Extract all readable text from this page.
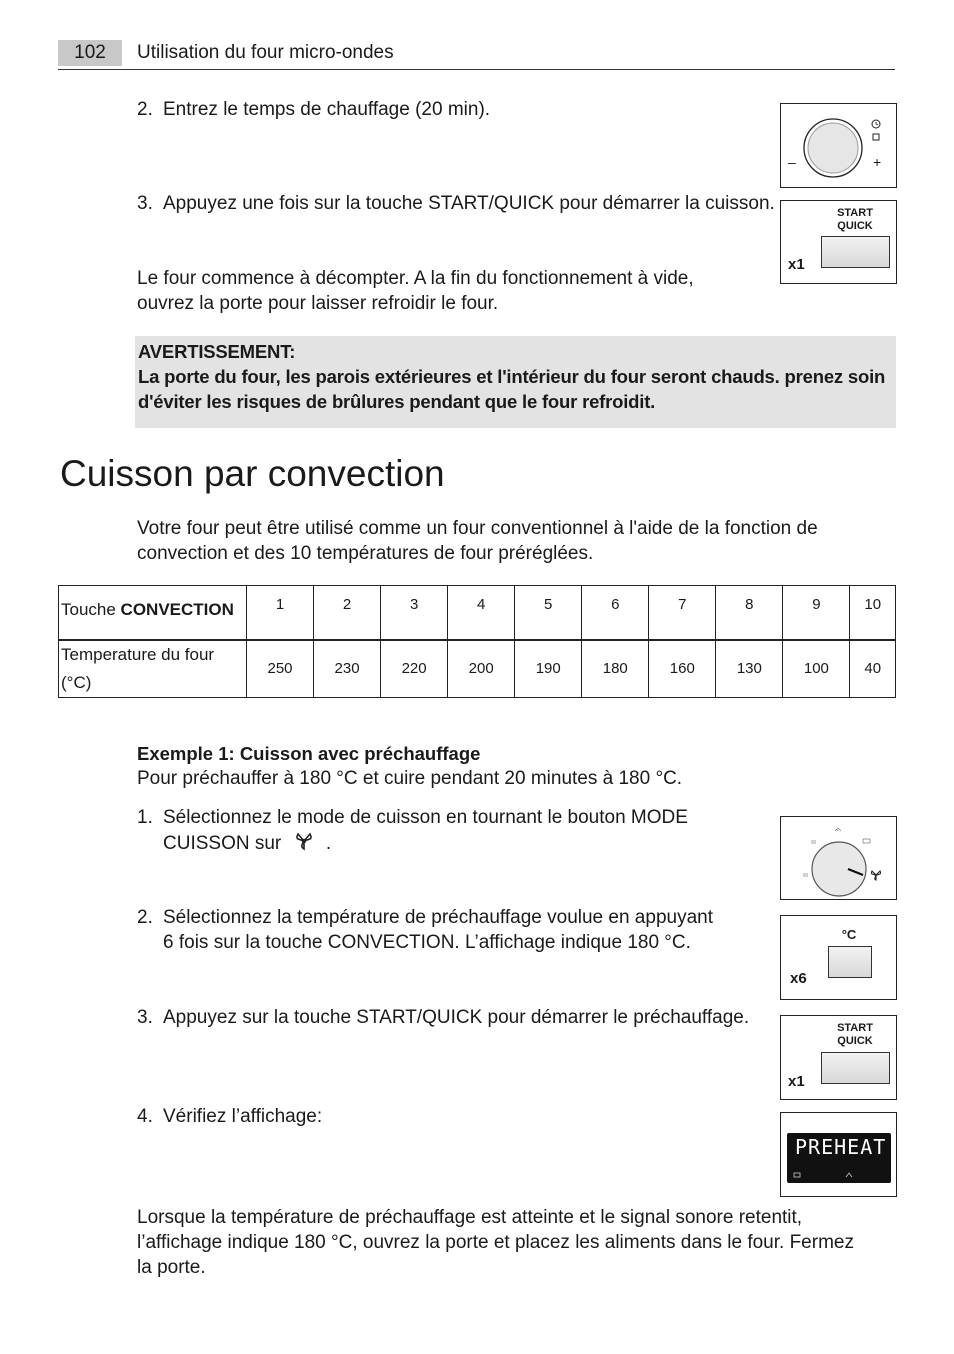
102	Utilisation du four micro-ondes
2. Entrez le temps de chauffage (20 min).
3. Appuyez une fois sur la touche START/QUICK pour démarrer la cuisson.
Le four commence à décompter. A la fin du fonctionnement à vide,
ouvrez la porte pour laisser refroidir le four.
AVERTISSEMENT:
La porte du four, les parois extérieures et l'intérieur du four seront chauds. prenez soin
d'éviter les risques de brûlures pendant que le four refroidit.
Cuisson par convection
Votre four peut être utilisé comme un four conventionnel à l'aide de la fonction de
convection et des 10 températures de four préréglées.
Touche CONVECTION	1	2	3	4	5	6	7	8	9	10

Temperature du four
(°C)	250	230	220	200	190	180	160	130	100	40
Exemple 1: Cuisson avec préchauffage
Pour préchauffer à 180 °C et cuire pendant 20 minutes à 180 °C.
1. Sélectionnez le mode de cuisson en tournant le bouton MODE
CUISSON sur .
2. Sélectionnez la température de préchauffage voulue en appuyant
6 fois sur la touche CONVECTION. L’affichage indique 180 °C.
3. Appuyez sur la touche START/QUICK pour démarrer le préchauffage.
4. Vérifiez l’affichage:
Lorsque la température de préchauffage est atteinte et le signal sonore retentit,
l’affichage indique 180 °C, ouvrez la porte et placez les aliments dans le four. Fermez
la porte.
–	+
START
QUICK
x1
°C
x6
START
QUICK
x1
PREHEAT
